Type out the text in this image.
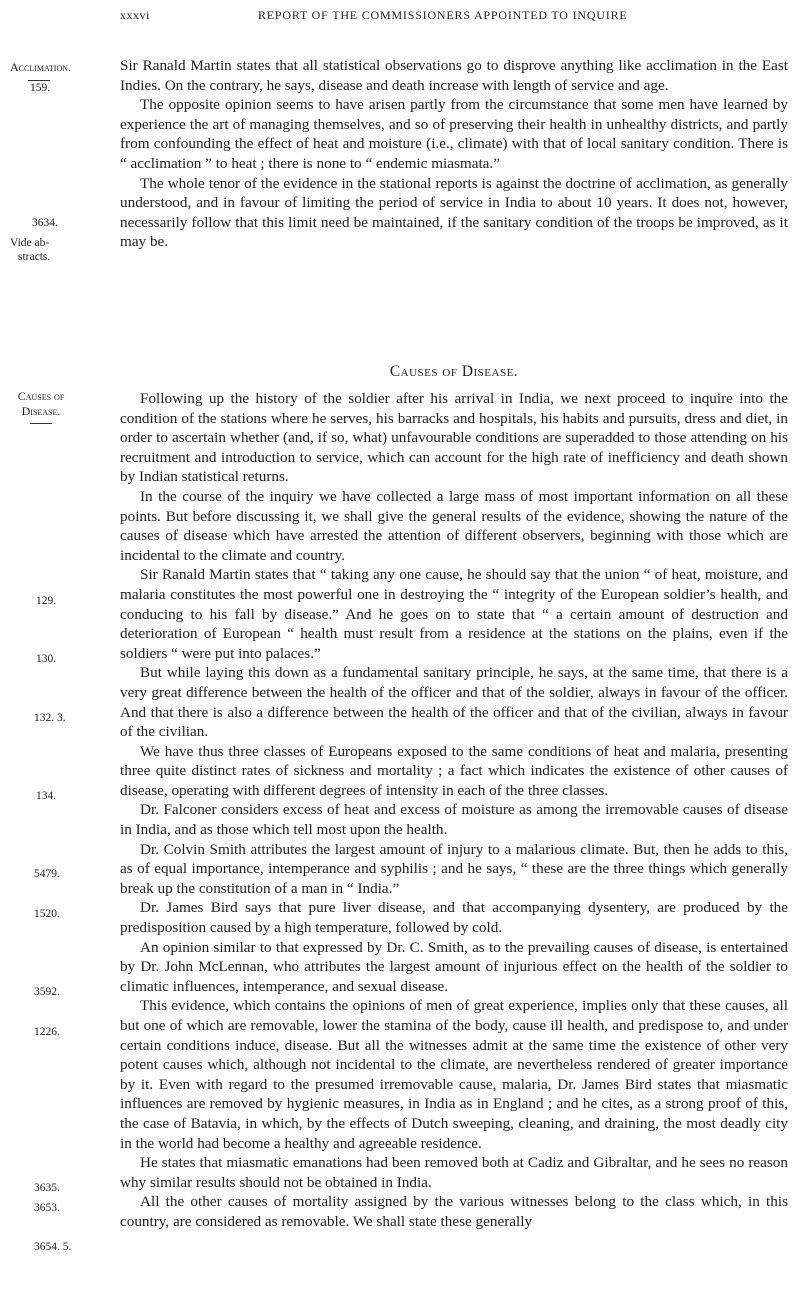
xxxvi	REPORT OF THE COMMISSIONERS APPOINTED TO INQUIRE
Acclimation.
159.
3634.
Vide ab-
stracts.
Causes of
Disease.
129.
130.
132. 3.
134.
5479.
1520.
3592.
1226.
3635.
3653.
3654. 5.

Sir Ranald Martin states that all statistical observations go to disprove anything like acclimation in the East Indies. On the contrary, he says, disease and death increase with length of service and age.

The opposite opinion seems to have arisen partly from the circumstance that some men have learned by experience the art of managing themselves, and so of preserving their health in unhealthy districts, and partly from confounding the effect of heat and moisture (i.e., climate) with that of local sanitary condition. There is “ acclimation ” to heat ; there is none to “ endemic miasmata.”

The whole tenor of the evidence in the stational reports is against the doctrine of acclimation, as generally understood, and in favour of limiting the period of service in India to about 10 years. It does not, however, necessarily follow that this limit need be maintained, if the sanitary condition of the troops be improved, as it may be.

Causes of Disease.

Following up the history of the soldier after his arrival in India, we next proceed to inquire into the condition of the stations where he serves, his barracks and hospitals, his habits and pursuits, dress and diet, in order to ascertain whether (and, if so, what) unfavourable conditions are superadded to those attending on his recruitment and introduction to service, which can account for the high rate of inefficiency and death shown by Indian statistical returns.

In the course of the inquiry we have collected a large mass of most important information on all these points. But before discussing it, we shall give the general results of the evidence, showing the nature of the causes of disease which have arrested the attention of different observers, beginning with those which are incidental to the climate and country.

Sir Ranald Martin states that “ taking any one cause, he should say that the union “ of heat, moisture, and malaria constitutes the most powerful one in destroying the “ integrity of the European soldier’s health, and conducing to his fall by disease.” And he goes on to state that “ a certain amount of destruction and deterioration of European “ health must result from a residence at the stations on the plains, even if the soldiers “ were put into palaces.”

But while laying this down as a fundamental sanitary principle, he says, at the same time, that there is a very great difference between the health of the officer and that of the soldier, always in favour of the officer. And that there is also a difference between the health of the officer and that of the civilian, always in favour of the civilian.

We have thus three classes of Europeans exposed to the same conditions of heat and malaria, presenting three quite distinct rates of sickness and mortality ; a fact which indicates the existence of other causes of disease, operating with different degrees of intensity in each of the three classes.

Dr. Falconer considers excess of heat and excess of moisture as among the irremovable causes of disease in India, and as those which tell most upon the health.

Dr. Colvin Smith attributes the largest amount of injury to a malarious climate. But, then he adds to this, as of equal importance, intemperance and syphilis ; and he says, “ these are the three things which generally break up the constitution of a man in “ India.”

Dr. James Bird says that pure liver disease, and that accompanying dysentery, are produced by the predisposition caused by a high temperature, followed by cold.

An opinion similar to that expressed by Dr. C. Smith, as to the prevailing causes of disease, is entertained by Dr. John McLennan, who attributes the largest amount of injurious effect on the health of the soldier to climatic influences, intemperance, and sexual disease.

This evidence, which contains the opinions of men of great experience, implies only that these causes, all but one of which are removable, lower the stamina of the body, cause ill health, and predispose to, and under certain conditions induce, disease. But all the witnesses admit at the same time the existence of other very potent causes which, although not incidental to the climate, are nevertheless rendered of greater importance by it. Even with regard to the presumed irremovable cause, malaria, Dr. James Bird states that miasmatic influences are removed by hygienic measures, in India as in England ; and he cites, as a strong proof of this, the case of Batavia, in which, by the effects of Dutch sweeping, cleaning, and draining, the most deadly city in the world had become a healthy and agreeable residence.

He states that miasmatic emanations had been removed both at Cadiz and Gibraltar, and he sees no reason why similar results should not be obtained in India.

All the other causes of mortality assigned by the various witnesses belong to the class which, in this country, are considered as removable. We shall state these generally
